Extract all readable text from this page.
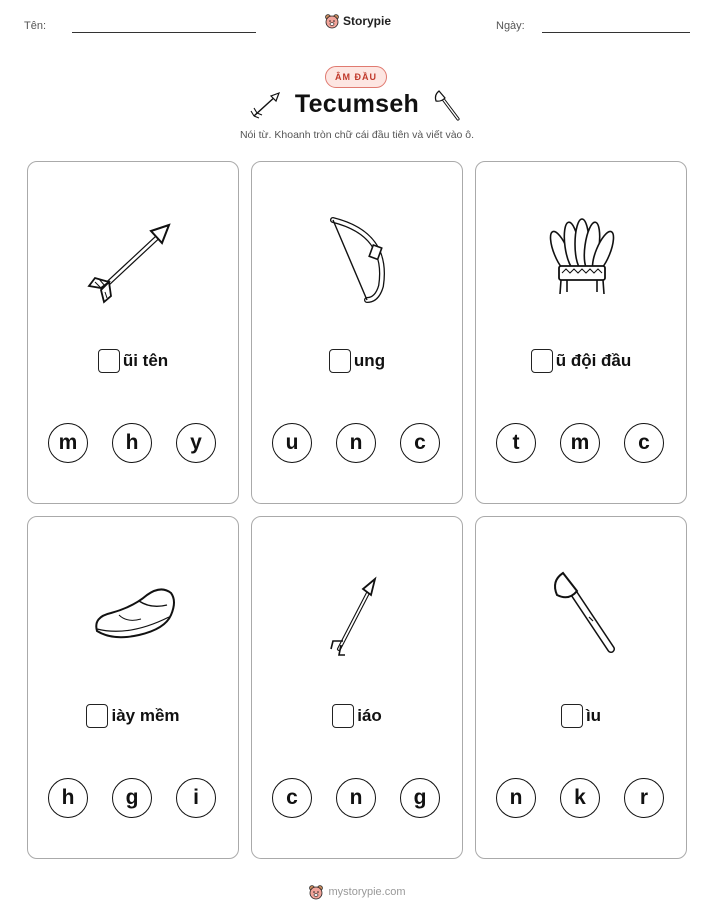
Tên:	Storypie	Ngày:
ÂM ĐẦU
Tecumseh
Nói từ. Khoanh tròn chữ cái đầu tiên và viết vào ô.
ũi tên
m	h	y
ung
u	n	c
ũ đội đầu
t	m	c
iày mềm
h	g	i
iáo
c	n	g
ìu
n	k	r
mystorypie.com
